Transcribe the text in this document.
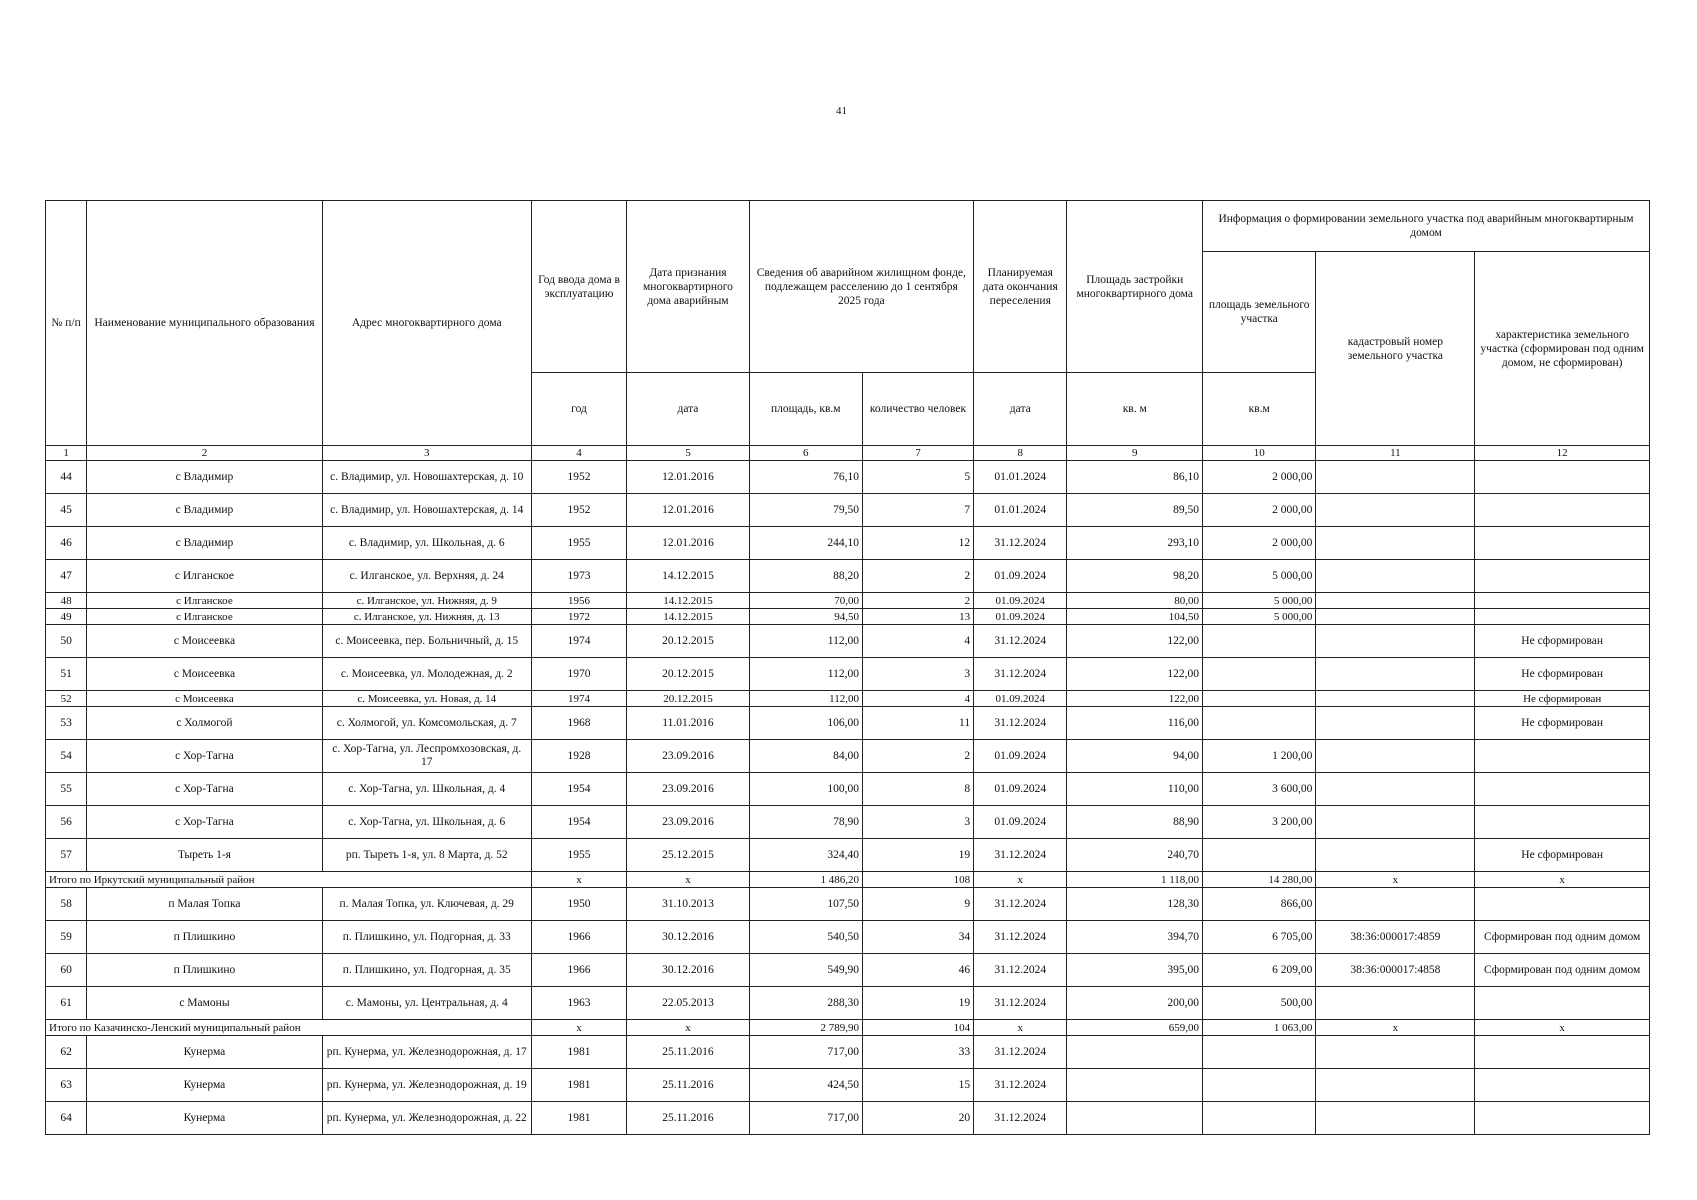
41
№ п/п	Наименование муниципального образования	Адрес многоквартирного дома	Год ввода дома в эксплуатацию	Дата признания многоквартирного дома аварийным	Сведения об аварийном жилищном фонде, подлежащем расселению до 1 сентября 2025 года		Планируемая дата окончания переселения	Площадь застройки многоквартирного дома	Информация о формировании земельного участка под аварийным многоквартирным домом		
									площадь земельного участка	кадастровый номер земельного участка	характеристика земельного участка (сформирован под одним домом, не сформирован)
			год	дата	площадь, кв.м	количество человек	дата	кв. м	кв.м		
1	2	3	4	5	6	7	8	9	10	11	12
44	с Владимир	с. Владимир, ул. Новошахтерская, д. 10	1952	12.01.2016	76,10	5	01.01.2024	86,10	2 000,00		
45	с Владимир	с. Владимир, ул. Новошахтерская, д. 14	1952	12.01.2016	79,50	7	01.01.2024	89,50	2 000,00		
46	с Владимир	с. Владимир, ул. Школьная, д. 6	1955	12.01.2016	244,10	12	31.12.2024	293,10	2 000,00		
47	с Илганское	с. Илганское, ул. Верхняя, д. 24	1973	14.12.2015	88,20	2	01.09.2024	98,20	5 000,00		
48	с Илганское	с. Илганское, ул. Нижняя, д. 9	1956	14.12.2015	70,00	2	01.09.2024	80,00	5 000,00		
49	с Илганское	с. Илганское, ул. Нижняя, д. 13	1972	14.12.2015	94,50	13	01.09.2024	104,50	5 000,00		
50	с Моисеевка	с. Моисеевка, пер. Больничный, д. 15	1974	20.12.2015	112,00	4	31.12.2024	122,00			Не сформирован
51	с Моисеевка	с. Моисеевка, ул. Молодежная, д. 2	1970	20.12.2015	112,00	3	31.12.2024	122,00			Не сформирован
52	с Моисеевка	с. Моисеевка, ул. Новая, д. 14	1974	20.12.2015	112,00	4	01.09.2024	122,00			Не сформирован
53	с Холмогой	с. Холмогой, ул. Комсомольская, д. 7	1968	11.01.2016	106,00	11	31.12.2024	116,00			Не сформирован
54	с Хор-Тагна	с. Хор-Тагна, ул. Леспромхозовская, д. 17	1928	23.09.2016	84,00	2	01.09.2024	94,00	1 200,00		
55	с Хор-Тагна	с. Хор-Тагна, ул. Школьная, д. 4	1954	23.09.2016	100,00	8	01.09.2024	110,00	3 600,00		
56	с Хор-Тагна	с. Хор-Тагна, ул. Школьная, д. 6	1954	23.09.2016	78,90	3	01.09.2024	88,90	3 200,00		
57	Тыреть 1-я	рп. Тыреть 1-я, ул. 8 Марта, д. 52	1955	25.12.2015	324,40	19	31.12.2024	240,70			Не сформирован
Итого по Иркутский муниципальный район			x	x	1 486,20	108	x	1 118,00	14 280,00	x	x
58	п Малая Топка	п. Малая Топка, ул. Ключевая, д. 29	1950	31.10.2013	107,50	9	31.12.2024	128,30	866,00		
59	п Плишкино	п. Плишкино, ул. Подгорная, д. 33	1966	30.12.2016	540,50	34	31.12.2024	394,70	6 705,00	38:36:000017:4859	Сформирован под одним домом
60	п Плишкино	п. Плишкино, ул. Подгорная, д. 35	1966	30.12.2016	549,90	46	31.12.2024	395,00	6 209,00	38:36:000017:4858	Сформирован под одним домом
61	с Мамоны	с. Мамоны, ул. Центральная, д. 4	1963	22.05.2013	288,30	19	31.12.2024	200,00	500,00		
Итого по Казачинско-Ленский муниципальный район			x	x	2 789,90	104	x	659,00	1 063,00	x	x
62	Кунерма	рп. Кунерма, ул. Железнодорожная, д. 17	1981	25.11.2016	717,00	33	31.12.2024				
63	Кунерма	рп. Кунерма, ул. Железнодорожная, д. 19	1981	25.11.2016	424,50	15	31.12.2024				
64	Кунерма	рп. Кунерма, ул. Железнодорожная, д. 22	1981	25.11.2016	717,00	20	31.12.2024				
